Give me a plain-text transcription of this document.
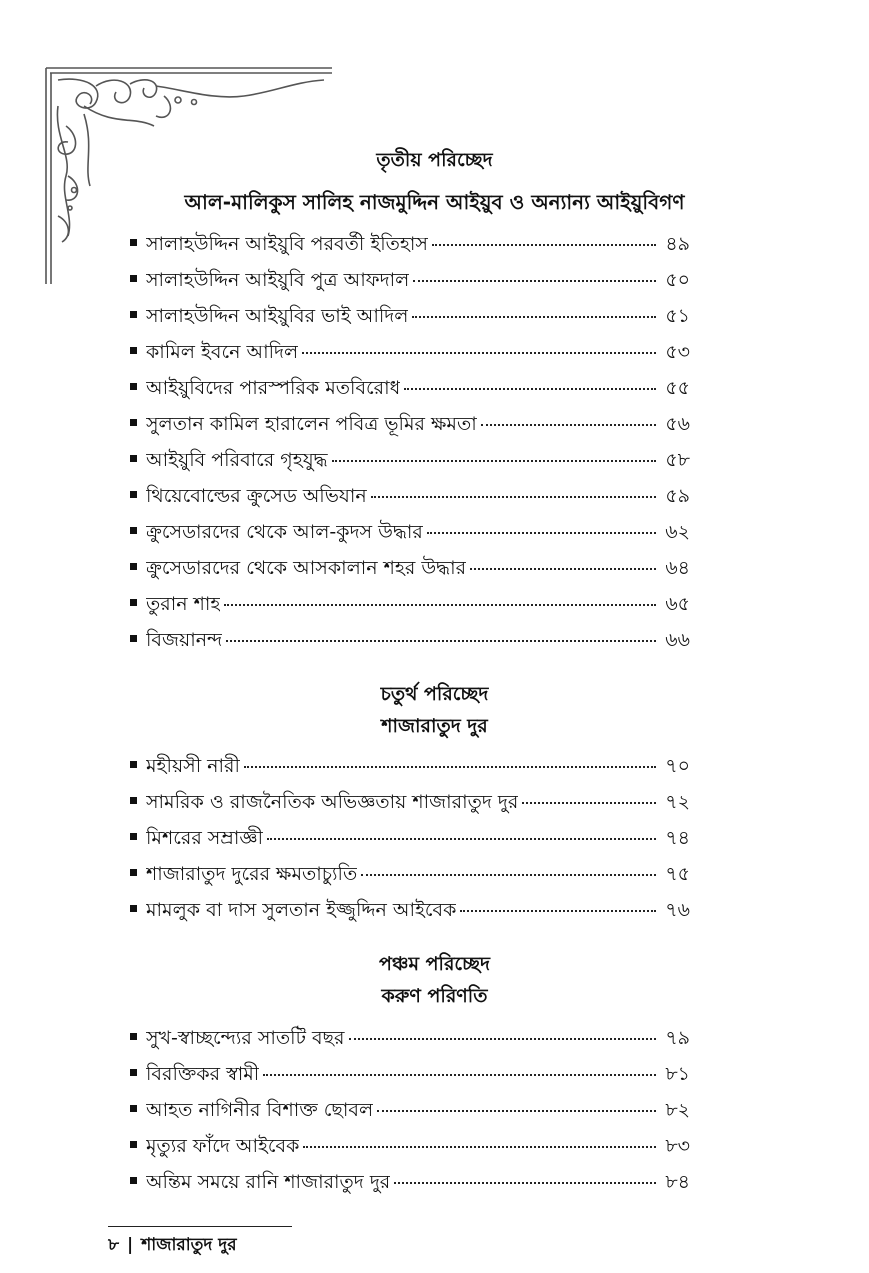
তৃতীয় পরিচ্ছেদ
আল-মালিকুস সালিহ নাজমুদ্দিন আইয়ুব ও অন্যান্য আইয়ুবিগণ
সালাহউদ্দিন আইয়ুবি পরবর্তী ইতিহাস	৪৯
সালাহউদ্দিন আইয়ুবি পুত্র আফদাল	৫০
সালাহউদ্দিন আইয়ুবির ভাই আদিল	৫১
কামিল ইবনে আদিল	৫৩
আইয়ুবিদের পারস্পরিক মতবিরোধ	৫৫
সুলতান কামিল হারালেন পবিত্র ভূমির ক্ষমতা	৫৬
আইয়ুবি পরিবারে গৃহযুদ্ধ	৫৮
থিয়েবোল্ডের ক্রুসেড অভিযান	৫৯
ক্রুসেডারদের থেকে আল-কুদস উদ্ধার	৬২
ক্রুসেডারদের থেকে আসকালান শহর উদ্ধার	৬৪
তুরান শাহ	৬৫
বিজয়ানন্দ	৬৬
চতুর্থ পরিচ্ছেদ
শাজারাতুদ দুর
মহীয়সী নারী	৭০
সামরিক ও রাজনৈতিক অভিজ্ঞতায় শাজারাতুদ দুর	৭২
মিশরের সম্রাজ্ঞী	৭৪
শাজারাতুদ দুরের ক্ষমতাচ্যুতি	৭৫
মামলুক বা দাস সুলতান ইজ্জুদ্দিন আইবেক	৭৬
পঞ্চম পরিচ্ছেদ
করুণ পরিণতি
সুখ-স্বাচ্ছন্দ্যের সাতটি বছর	৭৯
বিরক্তিকর স্বামী	৮১
আহত নাগিনীর বিশাক্ত ছোবল	৮২
মৃত্যুর ফাঁদে আইবেক	৮৩
অন্তিম সময়ে রানি শাজারাতুদ দুর	৮৪
৮ | শাজারাতুদ দুর
